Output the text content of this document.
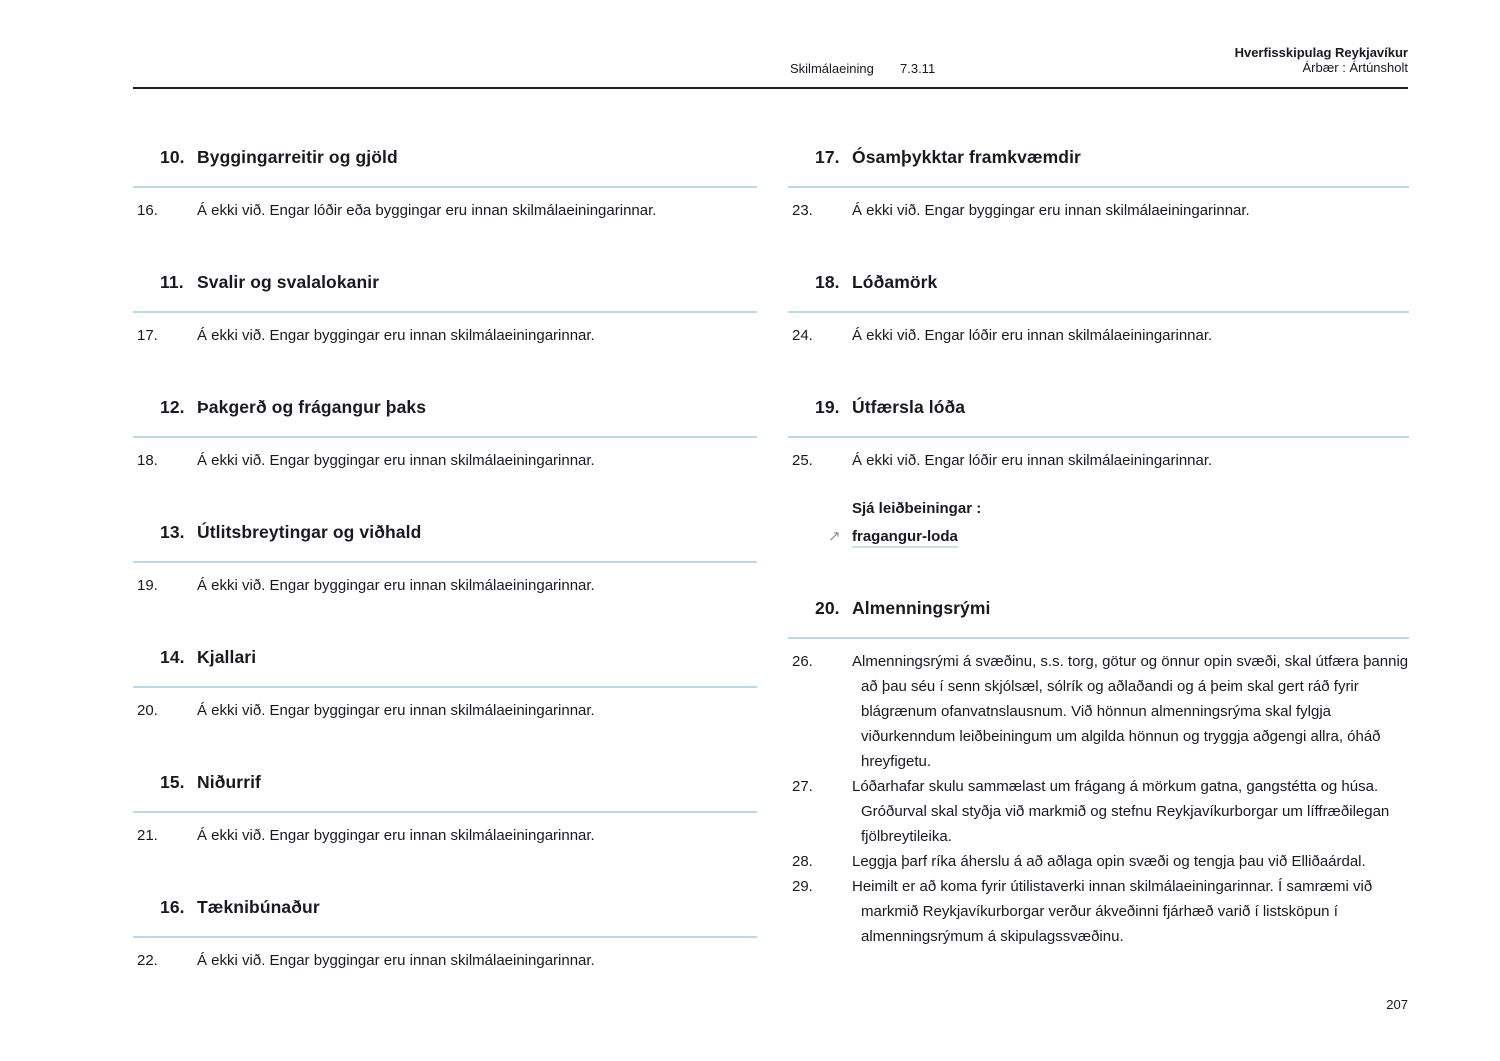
Skilmálaeining 7.3.11
Hverfisskipulag Reykjavíkur
Árbær : Ártúnsholt
10. Byggingarreitir og gjöld
16.	Á ekki við. Engar lóðir eða byggingar eru innan skilmálaeiningarinnar.
11. Svalir og svalalokanir
17.	Á ekki við. Engar byggingar eru innan skilmálaeiningarinnar.
12. Þakgerð og frágangur þaks
18.	Á ekki við. Engar byggingar eru innan skilmálaeiningarinnar.
13. Útlitsbreytingar og viðhald
19.	Á ekki við. Engar byggingar eru innan skilmálaeiningarinnar.
14. Kjallari
20.	Á ekki við. Engar byggingar eru innan skilmálaeiningarinnar.
15. Niðurrif
21.	Á ekki við. Engar byggingar eru innan skilmálaeiningarinnar.
16. Tæknibúnaður
22.	Á ekki við. Engar byggingar eru innan skilmálaeiningarinnar.
17. Ósamþykktar framkvæmdir
23.	Á ekki við. Engar byggingar eru innan skilmálaeiningarinnar.
18. Lóðamörk
24.	Á ekki við. Engar lóðir eru innan skilmálaeiningarinnar.
19. Útfærsla lóða
25.	Á ekki við. Engar lóðir eru innan skilmálaeiningarinnar.
Sjá leiðbeiningar :
↗ fragangur-loda
20. Almenningsrými
26.	Almenningsrými á svæðinu, s.s. torg, götur og önnur opin svæði, skal útfæra þannig að þau séu í senn skjólsæl, sólrík og aðlaðandi og á þeim skal gert ráð fyrir blágrænum ofanvatnslausnum. Við hönnun almenningsrýma skal fylgja viðurkenndum leiðbeiningum um algilda hönnun og tryggja aðgengi allra, óháð hreyfigetu.
27.	Lóðarhafar skulu sammælast um frágang á mörkum gatna, gangstétta og húsa. Gróðurval skal styðja við markmið og stefnu Reykjavíkurborgar um líffræðilegan fjölbreytileika.
28.	Leggja þarf ríka áherslu á að aðlaga opin svæði og tengja þau við Elliðaárdal.
29.	Heimilt er að koma fyrir útilistaverki innan skilmálaeiningarinnar. Í samræmi við markmið Reykjavíkurborgar verður ákveðinni fjárhæð varið í listsköpun í almenningsrýmum á skipulagssvæðinu.
207
